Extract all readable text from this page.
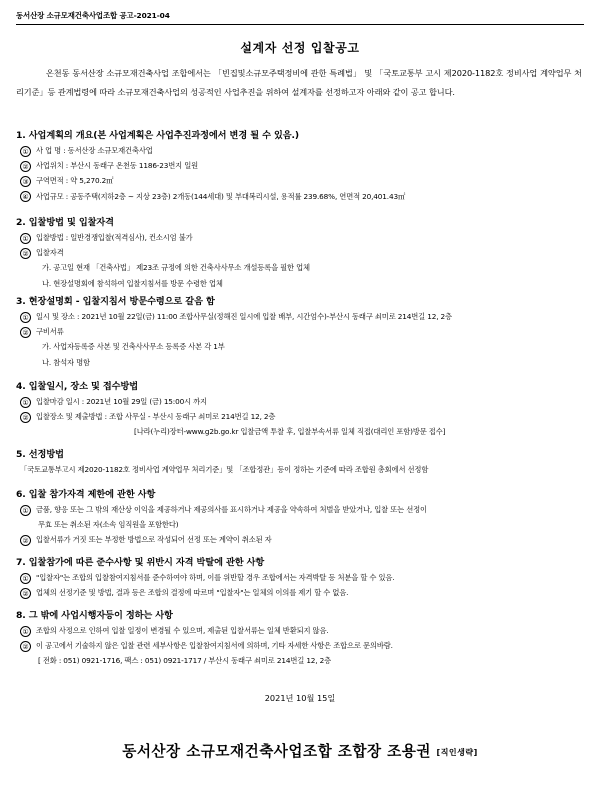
동서산장 소규모재건축사업조합 공고-2021-04
설계자 선정 입찰공고
온천동 동서산장 소규모재건축사업 조합에서는 「빈집및소규모주택정비에 관한 특례법」 및 「국토교통부 고시 제2020-1182호 정비사업 계약업무 처리기준」등 관계법령에 따라 소규모재건축사업의 성공적인 사업추진을 위하여 설계자를 선정하고자 아래와 같이 공고 합니다.
1. 사업계획의 개요(본 사업계획은 사업추진과정에서 변경 될 수 있음.)
① 사 업 명 : 동서산장 소규모재건축사업
② 사업위치 : 부산시 동래구 온천동 1186-23번지 일원
③ 구역면적 : 약 5,270.2㎡
④ 사업규모 : 공동주택(지하2층 ~ 지상 23층) 2개동(144세대) 및 부대복리시설, 용적률 239.68%, 연면적 20,401.43㎡
2. 입찰방법 및 입찰자격
① 입찰방법 : 일반경쟁입찰(적격심사), 컨소시엄 불가
② 입찰자격
가. 공고일 현재 「건축사법」 제23조 규정에 의한 건축사사무소 개설등록을 필한 업체
나. 현장설명회에 참석하여 입찰지침서를 방문 수령한 업체
3. 현장설명회 - 입찰지침서 방문수령으로 갈음 함
① 일시 및 장소 : 2021년 10월 22일(금) 11:00 조합사무실(정해진 일시에 입찰 배부, 시간엄수)-부산시 동래구 쇠미로 214번길 12, 2층
② 구비서류
가. 사업자등록증 사본 및 건축사사무소 등록증 사본 각 1부
나. 참석자 명함
4. 입찰일시, 장소 및 접수방법
① 입찰마감 일시 : 2021년 10월 29일 (금) 15:00시 까지
② 입찰장소 및 제출방법 : 조합 사무실 - 부산시 동래구 쇠미로 214번길 12, 2층
[나라(누리)장터-www.g2b.go.kr 입찰금액 투찰 후, 입찰부속서류 일체 직접(대리인 포함)방문 접수]
5. 선정방법
「국토교통부고시 제2020-1182호 정비사업 계약업무 처리기준」및 「조합정관」등이 정하는 기준에 따라 조합원 총회에서 선정함
6. 입찰 참가자격 제한에 관한 사항
① 금품, 향응 또는 그 밖의 재산상 이익을 제공하거나 제공의사를 표시하거나 제공을 약속하여 처벌을 받았거나, 입찰 또는 선정이
무효 또는 취소된 자(소속 임직원을 포함한다)
② 입찰서류가 거짓 또는 부정한 방법으로 작성되어 선정 또는 계약이 취소된 자
7. 입찰참가에 따른 준수사항 및 위반시 자격 박탈에 관한 사항
① "입찰자"는 조합의 입찰참여지침서를 준수하여야 하며, 이를 위반할 경우 조합에서는 자격박탈 등 처분을 할 수 있음.
② 업체의 선정기준 및 방법, 결과 등은 조합의 결정에 따르며 "입찰자"는 일체의 이의를 제기 할 수 없음.
8. 그 밖에 사업시행자등이 정하는 사항
① 조합의 사정으로 인하여 입찰 일정이 변경될 수 있으며, 제출된 입찰서류는 일체 반환되지 않음.
② 이 공고에서 기술하지 않은 입찰 관련 세부사항은 입찰참여지침서에 의하며, 기타 자세한 사항은 조합으로 문의바람.
[ 전화 : 051) 0921-1716, 팩스 : 051) 0921-1717 / 부산시 동래구 쇠미로 214번길 12, 2층
2021년 10월 15일
동서산장 소규모재건축사업조합 조합장 조용권 [직인생략]
